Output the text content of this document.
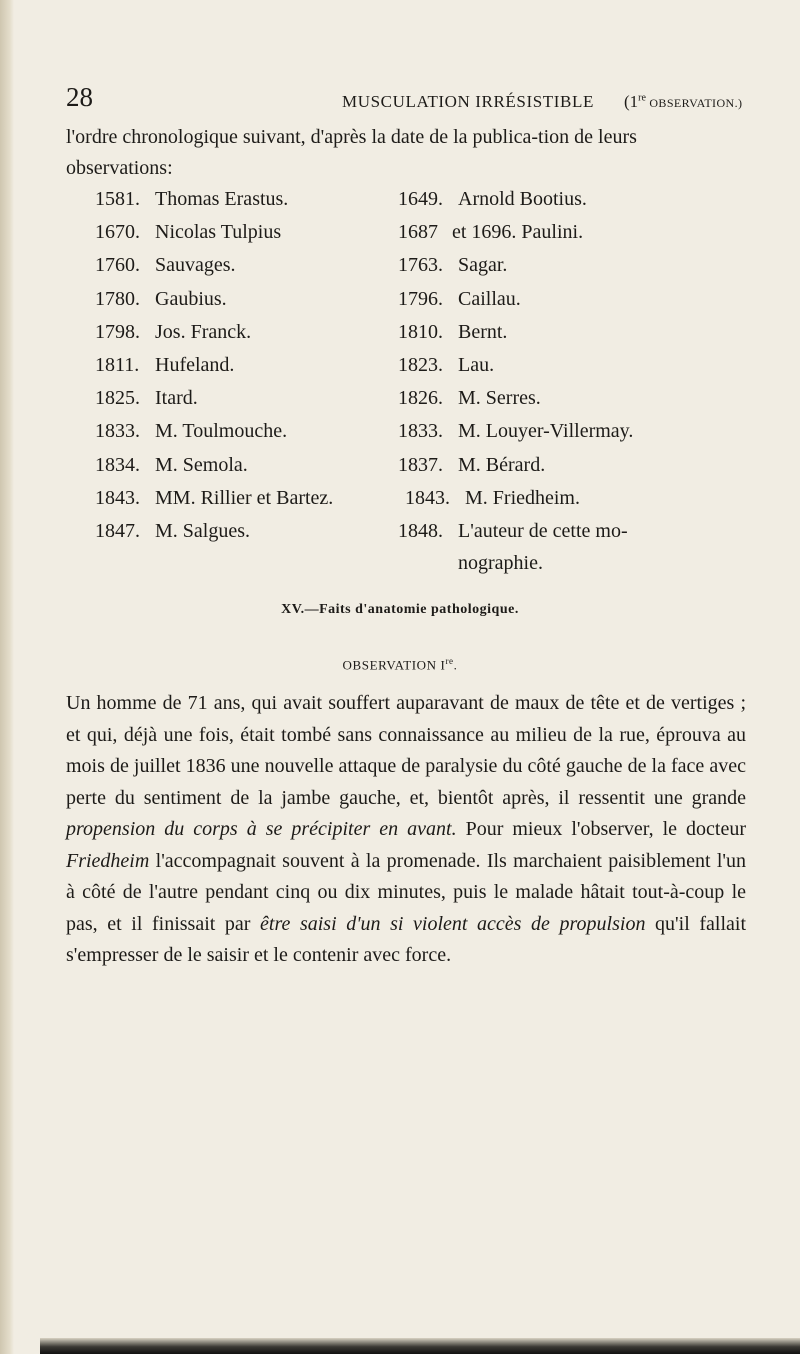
28	MUSCULATION IRRÉSISTIBLE (1re OBSERVATION.)
l'ordre chronologique suivant, d'après la date de la publica-tion de leurs observations:
1581. Thomas Erastus.
1670. Nicolas Tulpius
1760. Sauvages.
1780. Gaubius.
1798. Jos. Franck.
1811. Hufeland.
1825. Itard.
1833. M. Toulmouche.
1834. M. Semola.
1843. MM. Rillier et Bartez.
1847. M. Salgues.
1649. Arnold Bootius.
1687 et 1696. Paulini.
1763. Sagar.
1796. Caillau.
1810. Bernt.
1823. Lau.
1826. M. Serres.
1833. M. Louyer-Villermay.
1837. M. Bérard.
1843. M. Friedheim.
1848. L'auteur de cette mo-
nographie.
XV.—Faits d'anatomie pathologique.
OBSERVATION Ire.
Un homme de 71 ans, qui avait souffert auparavant de maux de tête et de vertiges ; et qui, déjà une fois, était tombé sans connaissance au milieu de la rue, éprouva au mois de juillet 1836 une nouvelle attaque de paralysie du côté gauche de la face avec perte du sentiment de la jambe gauche, et, bientôt après, il ressentit une grande propension du corps à se précipiter en avant. Pour mieux l'observer, le docteur Friedheim l'accompagnait souvent à la promenade. Ils marchaient paisiblement l'un à côté de l'autre pendant cinq ou dix minutes, puis le malade hâtait tout-à-coup le pas, et il finissait par être saisi d'un si violent accès de propulsion qu'il fallait s'empresser de le saisir et le contenir avec force.
